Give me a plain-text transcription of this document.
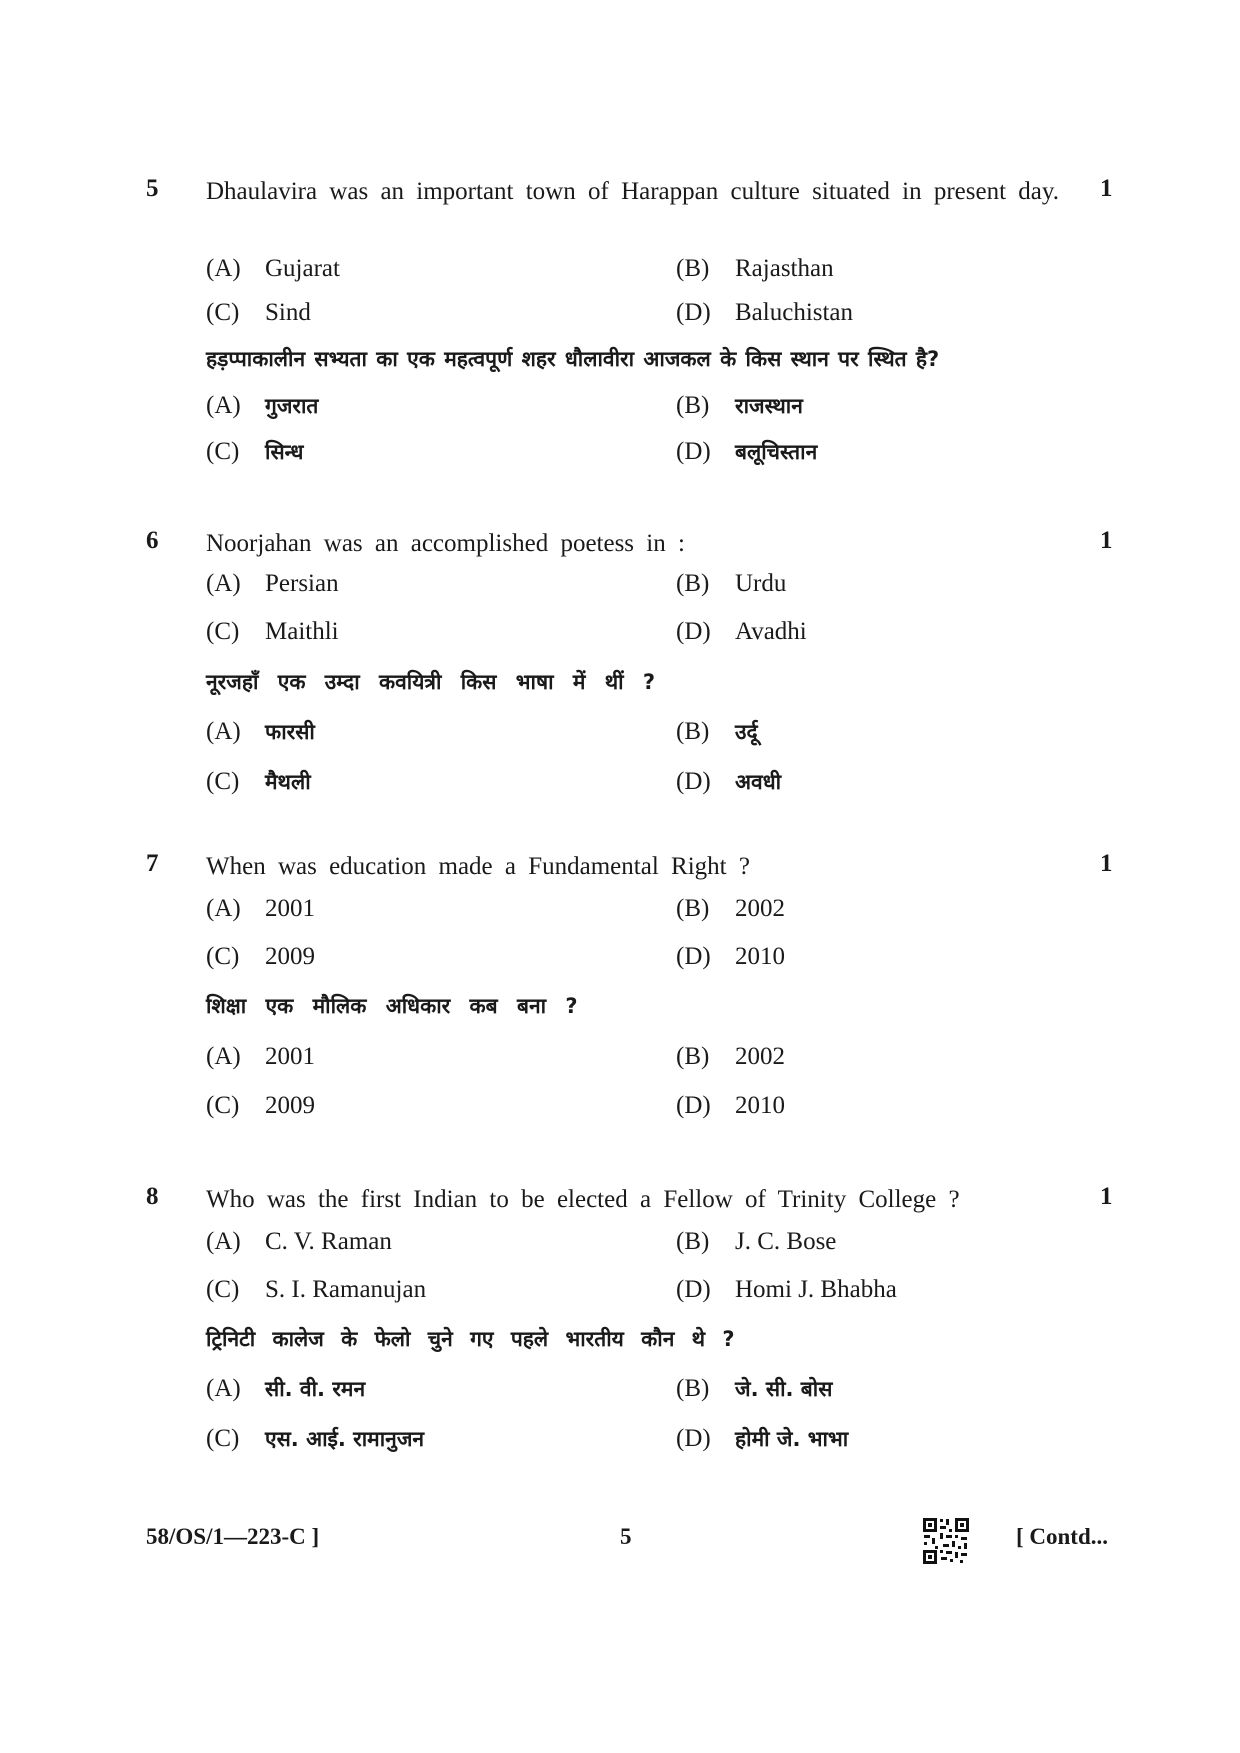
5 Dhaulavira was an important town of Harappan culture situated in present day.	1
(A) Gujarat	(B) Rajasthan
(C) Sind	(D) Baluchistan
हड़प्पाकालीन सभ्यता का एक महत्वपूर्ण शहर धौलावीरा आजकल के किस स्थान पर स्थित है?
(A) गुजरात	(B) राजस्थान
(C) सिन्ध	(D) बलूचिस्तान
6 Noorjahan was an accomplished poetess in :	1
(A) Persian	(B) Urdu
(C) Maithli	(D) Avadhi
नूरजहाँ एक उम्दा कवयित्री किस भाषा में थीं ?
(A) फारसी	(B) उर्दू
(C) मैथली	(D) अवधी
7 When was education made a Fundamental Right ?	1
(A) 2001	(B) 2002
(C) 2009	(D) 2010
शिक्षा एक मौलिक अधिकार कब बना ?
(A) 2001	(B) 2002
(C) 2009	(D) 2010
8 Who was the first Indian to be elected a Fellow of Trinity College ?	1
(A) C. V. Raman	(B) J. C. Bose
(C) S. I. Ramanujan	(D) Homi J. Bhabha
ट्रिनिटी कालेज के फेलो चुने गए पहले भारतीय कौन थे ?
(A) सी. वी. रमन	(B) जे. सी. बोस
(C) एस. आई. रामानुजन	(D) होमी जे. भाभा
58/OS/1—223-C ]	5	[ Contd...
